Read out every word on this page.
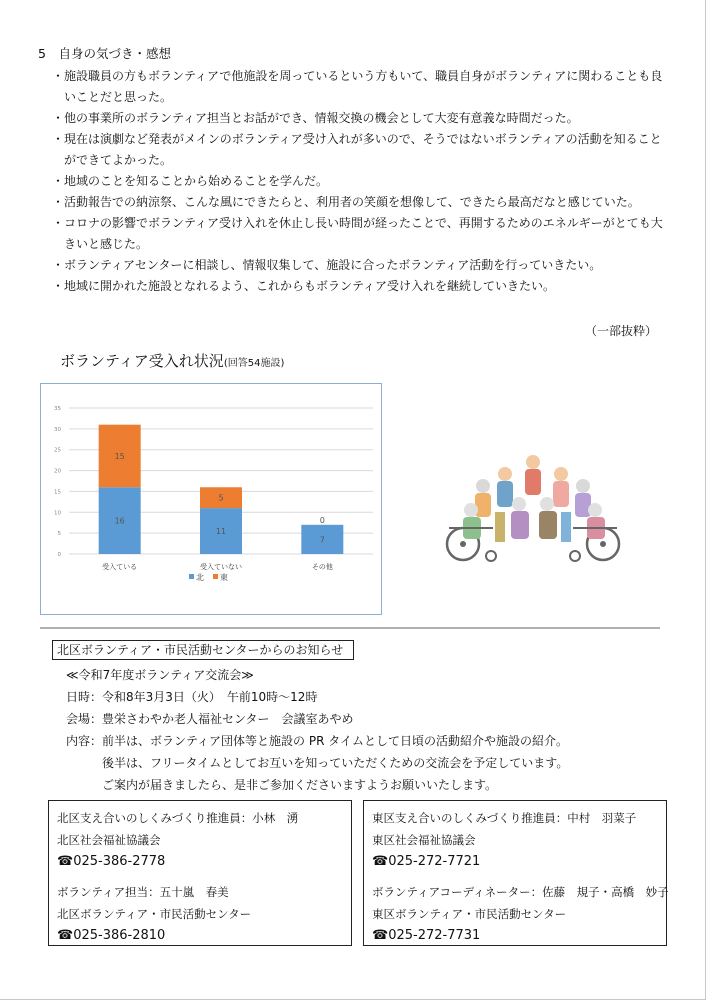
5　自身の気づき・感想
・施設職員の方もボランティアで他施設を周っているという方もいて、職員自身がボランティアに関わることも良いことだと思った。
・他の事業所のボランティア担当とお話ができ、情報交換の機会として大変有意義な時間だった。
・現在は演劇など発表がメインのボランティア受け入れが多いので、そうではないボランティアの活動を知ることができてよかった。
・地域のことを知ることから始めることを学んだ。
・活動報告での納涼祭、こんな風にできたらと、利用者の笑顔を想像して、できたら最高だなと感じていた。
・コロナの影響でボランティア受け入れを休止し長い時間が経ったことで、再開するためのエネルギーがとても大きいと感じた。
・ボランティアセンターに相談し、情報収集して、施設に合ったボランティア活動を行っていきたい。
・地域に開かれた施設となれるよう、これからもボランティア受け入れを継続していきたい。
（一部抜粋）
ボランティア受入れ状況(回答54施設)
0
5
10
15
20
25
30
35
16
15
受入ている
11
5
受入ていない
7
0
その他
北 東
北区ボランティア・市民活動センターからのお知らせ
≪令和7年度ボランティア交流会≫
日時：令和8年3月3日（火）　午前10時～12時
会場：豊栄さわやか老人福祉センター　会議室あやめ
内容：前半は、ボランティア団体等と施設の PR タイムとして日頃の活動紹介や施設の紹介。
後半は、フリータイムとしてお互いを知っていただくための交流会を予定しています。
ご案内が届きましたら、是非ご参加くださいますようお願いいたします。
北区支え合いのしくみづくり推進員：小林　湧
北区社会福祉協議会
☎025-386-2778
ボランティア担当：五十嵐　春美
北区ボランティア・市民活動センター
☎025-386-2810
東区支え合いのしくみづくり推進員：中村　羽菜子
東区社会福祉協議会
☎025-272-7721
ボランティアコーディネーター：佐藤　規子・高橋　妙子
東区ボランティア・市民活動センター
☎025-272-7731
